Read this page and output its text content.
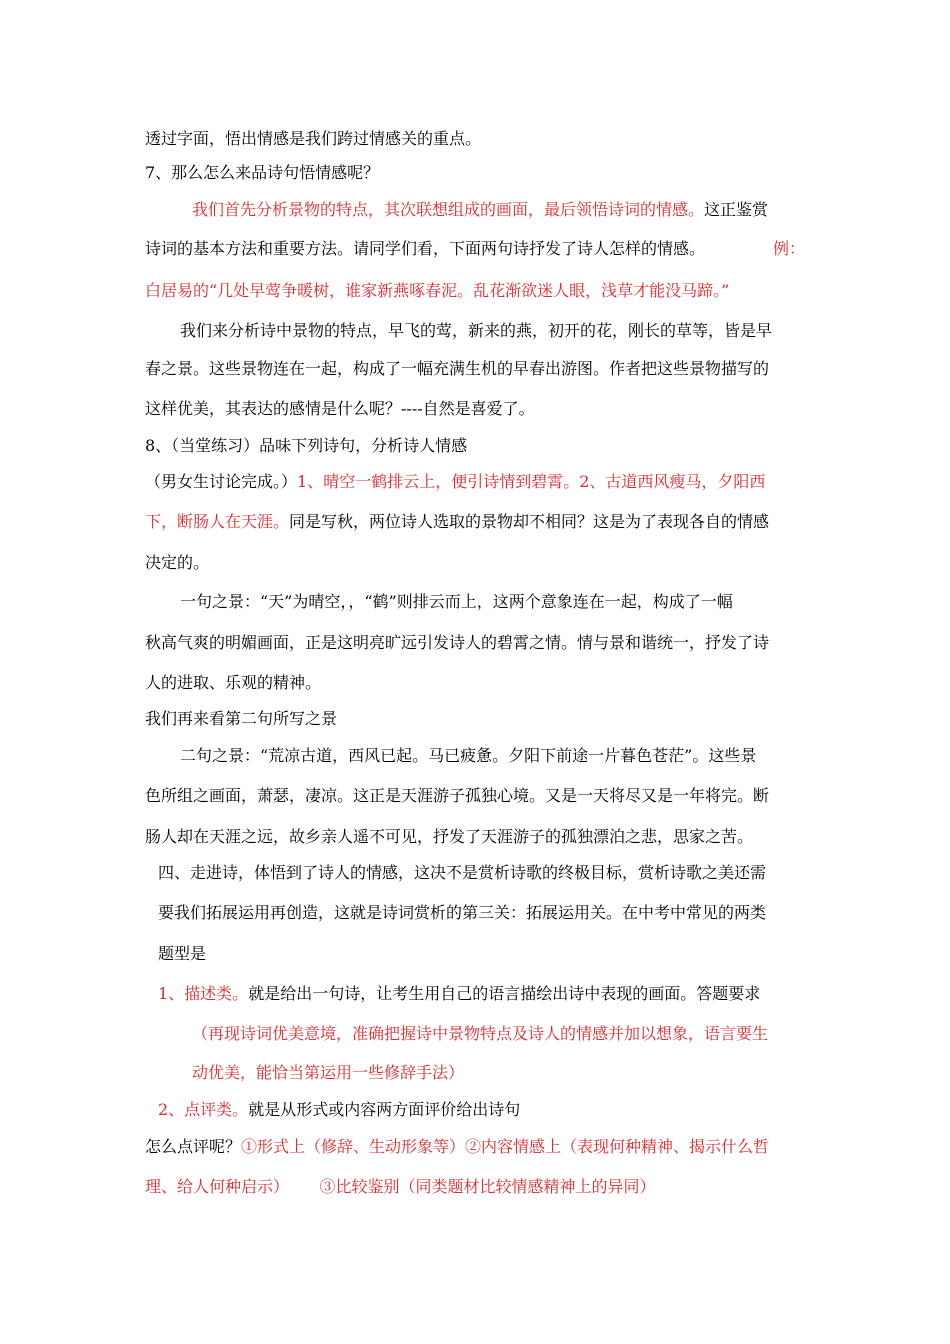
透过字面，悟出情感是我们跨过情感关的重点。
7、那么怎么来品诗句悟情感呢？
我们首先分析景物的特点，其次联想组成的画面，最后领悟诗词的情感。这正鉴赏
诗词的基本方法和重要方法。请同学们看，下面两句诗抒发了诗人怎样的情感。	例：
白居易的“几处早莺争暖树，谁家新燕啄春泥。乱花渐欲迷人眼，浅草才能没马蹄。”
我们来分析诗中景物的特点，早飞的莺，新来的燕，初开的花，刚长的草等，皆是早
春之景。这些景物连在一起，构成了一幅充满生机的早春出游图。作者把这些景物描写的
这样优美，其表达的感情是什么呢？----自然是喜爱了。
8、（当堂练习）品味下列诗句，分析诗人情感
（男女生讨论完成。）1、晴空一鹤排云上，便引诗情到碧霄。2、古道西风瘦马，夕阳西
下，断肠人在天涯。同是写秋，两位诗人选取的景物却不相同？这是为了表现各自的情感
决定的。
一句之景：“天”为晴空，，“鹤”则排云而上，这两个意象连在一起，构成了一幅
秋高气爽的明媚画面，正是这明亮旷远引发诗人的碧霄之情。情与景和谐统一，抒发了诗
人的进取、乐观的精神。
我们再来看第二句所写之景
二句之景：“荒凉古道，西风已起。马已疲惫。夕阳下前途一片暮色苍茫”。这些景
色所组之画面，萧瑟，凄凉。这正是天涯游子孤独心境。又是一天将尽又是一年将完。断
肠人却在天涯之远，故乡亲人遥不可见，抒发了天涯游子的孤独漂泊之悲，思家之苦。
四、走进诗，体悟到了诗人的情感，这决不是赏析诗歌的终极目标，赏析诗歌之美还需
要我们拓展运用再创造，这就是诗词赏析的第三关：拓展运用关。在中考中常见的两类
题型是
1、描述类。就是给出一句诗，让考生用自己的语言描绘出诗中表现的画面。答题要求
（再现诗词优美意境，准确把握诗中景物特点及诗人的情感并加以想象，语言要生
动优美，能恰当第运用一些修辞手法）
2、点评类。就是从形式或内容两方面评价给出诗句
怎么点评呢？①形式上（修辞、生动形象等）②内容情感上（表现何种精神、揭示什么哲
理、给人何种启示）      ③比较鉴别（同类题材比较情感精神上的异同）
